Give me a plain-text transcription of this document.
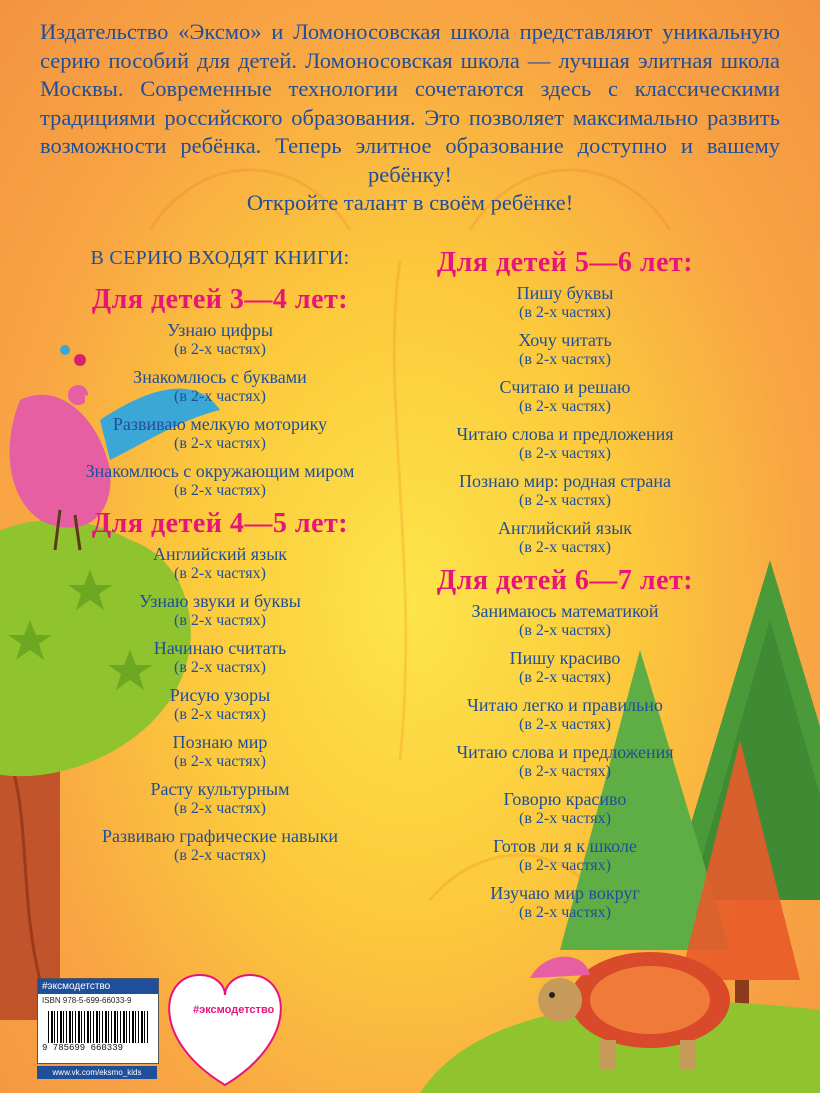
Издательство «Эксмо» и Ломоносовская школа представляют уникальную серию пособий для детей. Ломоносовская школа — лучшая элитная школа Москвы. Современные технологии сочетаются здесь с классическими традициями российского образования. Это позволяет максимально развить возможности ребёнка. Теперь элитное образование доступно и вашему ребёнку!

Откройте талант в своём ребёнке!

В СЕРИЮ ВХОДЯТ КНИГИ:
Для детей 3—4 лет:
Узнаю цифры
(в 2-х частях)
Знакомлюсь с буквами
(в 2-х частях)
Развиваю мелкую моторику
(в 2-х частях)
Знакомлюсь с окружающим миром
(в 2-х частях)
Для детей 4—5 лет:
Английский язык
(в 2-х частях)
Узнаю звуки и буквы
(в 2-х частях)
Начинаю считать
(в 2-х частях)
Рисую узоры
(в 2-х частях)
Познаю мир
(в 2-х частях)
Расту культурным
(в 2-х частях)
Развиваю графические навыки
(в 2-х частях)
Для детей 5—6 лет:
Пишу буквы
(в 2-х частях)
Хочу читать
(в 2-х частях)
Считаю и решаю
(в 2-х частях)
Читаю слова и предложения
(в 2-х частях)
Познаю мир: родная страна
(в 2-х частях)
Английский язык
(в 2-х частях)
Для детей 6—7 лет:
Занимаюсь математикой
(в 2-х частях)
Пишу красиво
(в 2-х частях)
Читаю легко и правильно
(в 2-х частях)
Читаю слова и предложения
(в 2-х частях)
Говорю красиво
(в 2-х частях)
Готов ли я к школе
(в 2-х частях)
Изучаю мир вокруг
(в 2-х частях)
#эксмодетство
ISBN 978-5-699-66033-9
9 785699 660339
www.vk.com/eksmo_kids
#эксмодетство
